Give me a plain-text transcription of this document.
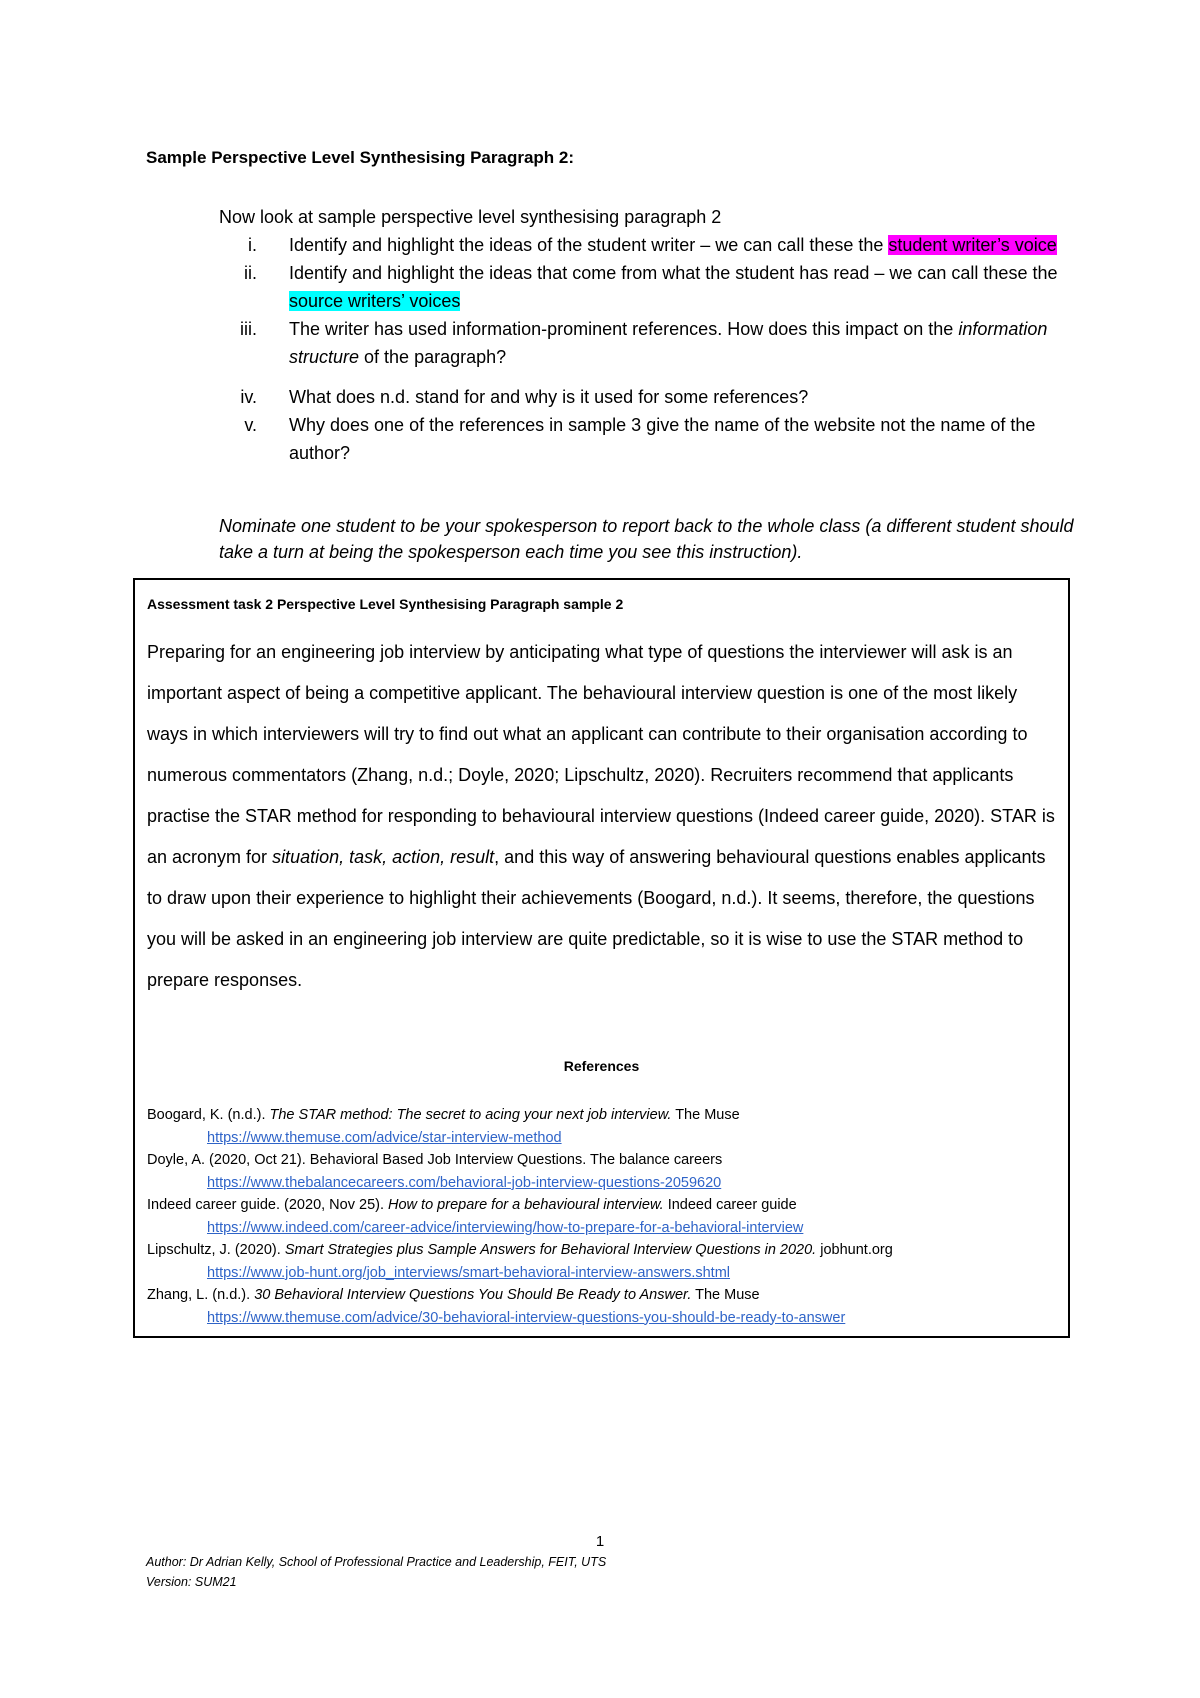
Sample Perspective Level Synthesising Paragraph 2:
Now look at sample perspective level synthesising paragraph 2
i. Identify and highlight the ideas of the student writer – we can call these the student writer’s voice
ii. Identify and highlight the ideas that come from what the student has read – we can call these the source writers’ voices
iii. The writer has used information-prominent references. How does this impact on the information structure of the paragraph?
iv. What does n.d. stand for and why is it used for some references?
v. Why does one of the references in sample 3 give the name of the website not the name of the author?
Nominate one student to be your spokesperson to report back to the whole class (a different student should take a turn at being the spokesperson each time you see this instruction).
Assessment task 2 Perspective Level Synthesising Paragraph sample 2

Preparing for an engineering job interview by anticipating what type of questions the interviewer will ask is an important aspect of being a competitive applicant. The behavioural interview question is one of the most likely ways in which interviewers will try to find out what an applicant can contribute to their organisation according to numerous commentators (Zhang, n.d.; Doyle, 2020; Lipschultz, 2020). Recruiters recommend that applicants practise the STAR method for responding to behavioural interview questions (Indeed career guide, 2020). STAR is an acronym for situation, task, action, result, and this way of answering behavioural questions enables applicants to draw upon their experience to highlight their achievements (Boogard, n.d.). It seems, therefore, the questions you will be asked in an engineering job interview are quite predictable, so it is wise to use the STAR method to prepare responses.

References
Boogard, K. (n.d.). The STAR method: The secret to acing your next job interview. The Muse
https://www.themuse.com/advice/star-interview-method
Doyle, A. (2020, Oct 21). Behavioral Based Job Interview Questions. The balance careers
https://www.thebalancecareers.com/behavioral-job-interview-questions-2059620
Indeed career guide. (2020, Nov 25). How to prepare for a behavioural interview. Indeed career guide
https://www.indeed.com/career-advice/interviewing/how-to-prepare-for-a-behavioral-interview
Lipschultz, J. (2020). Smart Strategies plus Sample Answers for Behavioral Interview Questions in 2020. jobhunt.org
https://www.job-hunt.org/job_interviews/smart-behavioral-interview-answers.shtml
Zhang, L. (n.d.). 30 Behavioral Interview Questions You Should Be Ready to Answer. The Muse
https://www.themuse.com/advice/30-behavioral-interview-questions-you-should-be-ready-to-answer
1
Author: Dr Adrian Kelly, School of Professional Practice and Leadership, FEIT, UTS
Version: SUM21
